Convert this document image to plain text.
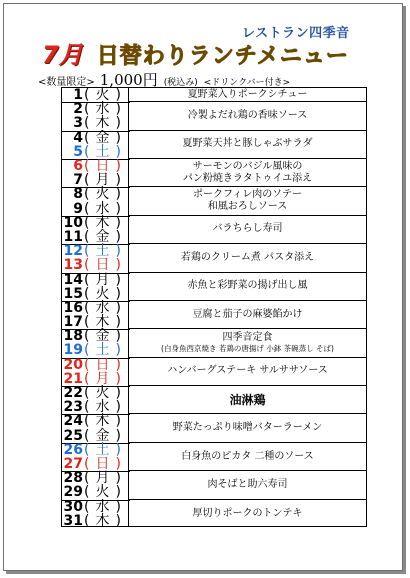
レストラン四季音
7月 日替わりランチメニュー
<数量限定> 1,000円 (税込み) <ドリンクバー付き>
1(火)
2(水)
3(木)
4(金)
5(土)
6(日)
7(月)
8(火)
9(水)
10(木)
11(金)
12(土)
13(日)
14(月)
15(火)
16(水)
17(木)
18(金)
19(土)
20(日)
21(月)
22(火)
23(水)
24(木)
25(金)
26(土)
27(日)
28(月)
29(火)
30(水)
31(木)
夏野菜入りポークシチュー
冷製よだれ鶏の香味ソース
夏野菜天丼と豚しゃぶサラダ
サーモンのバジル風味の
パン粉焼きラタトゥイユ添え
ポークフィレ肉のソテー
和風おろしソース
バラちらし寿司
若鶏のクリーム煮 パスタ添え
赤魚と彩野菜の揚げ出し風
豆腐と茄子の麻婆餡かけ
四季音定食
(白身魚西京焼き 若鶏の唐揚げ 小鉢 茶碗蒸し そば)
ハンバーグステーキ サルササソース
油淋鶏
野菜たっぷり味噌バターラーメン
白身魚のピカタ 二種のソース
肉そばと助六寿司
厚切りポークのトンテキ
